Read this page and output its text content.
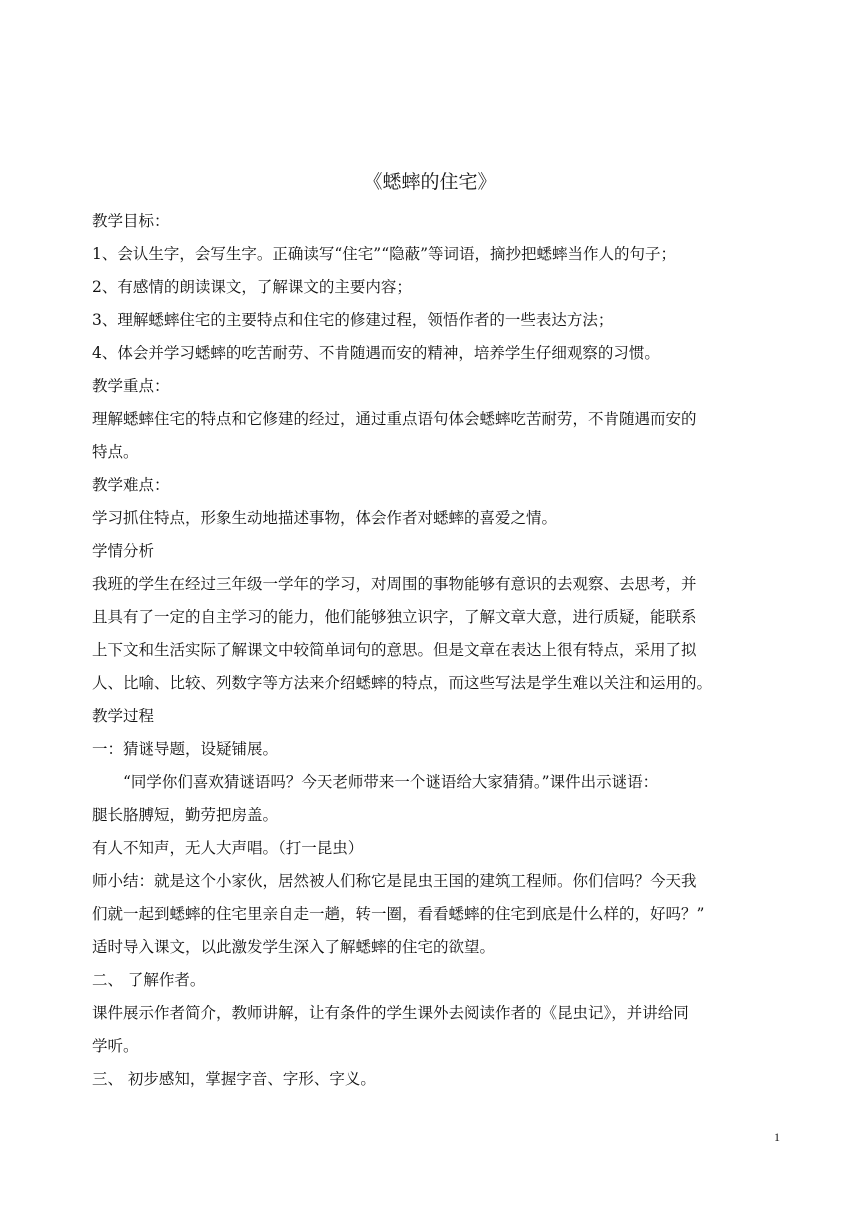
《蟋蟀的住宅》

教学目标：

1、会认生字，会写生字。正确读写“住宅”“隐蔽”等词语，摘抄把蟋蟀当作人的句子；

2、有感情的朗读课文，了解课文的主要内容；

3、理解蟋蟀住宅的主要特点和住宅的修建过程，领悟作者的一些表达方法；

4、体会并学习蟋蟀的吃苦耐劳、不肯随遇而安的精神，培养学生仔细观察的习惯。

教学重点：

理解蟋蟀住宅的特点和它修建的经过，通过重点语句体会蟋蟀吃苦耐劳，不肯随遇而安的

特点。

教学难点：

学习抓住特点，形象生动地描述事物，体会作者对蟋蟀的喜爱之情。

学情分析

我班的学生在经过三年级一学年的学习，对周围的事物能够有意识的去观察、去思考，并

且具有了一定的自主学习的能力，他们能够独立识字，了解文章大意，进行质疑，能联系

上下文和生活实际了解课文中较简单词句的意思。但是文章在表达上很有特点，采用了拟

人、比喻、比较、列数字等方法来介绍蟋蟀的特点，而这些写法是学生难以关注和运用的。

教学过程

一：猜谜导题，设疑铺展。

“同学你们喜欢猜谜语吗？今天老师带来一个谜语给大家猜猜。”课件出示谜语：

腿长胳膊短，勤劳把房盖。

有人不知声，无人大声唱。（打一昆虫）

师小结：就是这个小家伙，居然被人们称它是昆虫王国的建筑工程师。你们信吗？今天我

们就一起到蟋蟀的住宅里亲自走一趟，转一圈，看看蟋蟀的住宅到底是什么样的，好吗？”

适时导入课文，以此激发学生深入了解蟋蟀的住宅的欲望。

二、 了解作者。

课件展示作者简介，教师讲解，让有条件的学生课外去阅读作者的《昆虫记》，并讲给同

学听。

三、 初步感知，掌握字音、字形、字义。

1
